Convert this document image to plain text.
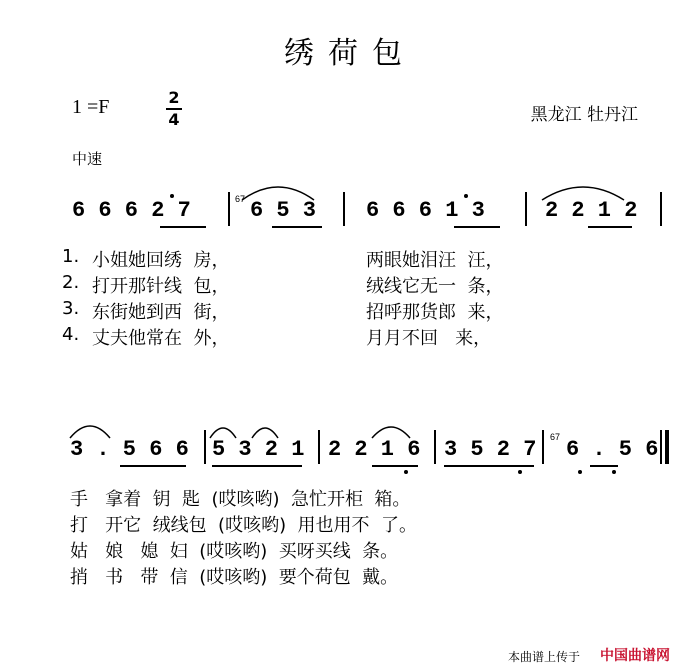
绣荷包
1 =F	2
4	黑龙江 牡丹江
中速
6 6 6 2 7	67 6 5 3 6 6 6 1 3	2 2 1 2
1. 小姐她回绣  房，	两眼她泪汪  汪，
2. 打开那针线  包，	绒线它无一  条，
3. 东街她到西  街，	招呼那货郎  来，
4. 丈夫他常在  外，	月月不回   来，
3 . 5 6 6 5 3 2 1 2 2 1 6 3 5 2 7 67 6 . 5 6
手   拿着  钥  匙  (哎咳哟)  急忙开柜  箱。
打   开它  绒线包  (哎咳哟)  用也用不  了。
姑   娘   媳  妇  (哎咳哟)  买呀买线  条。
捎   书   带  信  (哎咳哟)  要个荷包  戴。
本曲谱上传于 中国曲谱网
